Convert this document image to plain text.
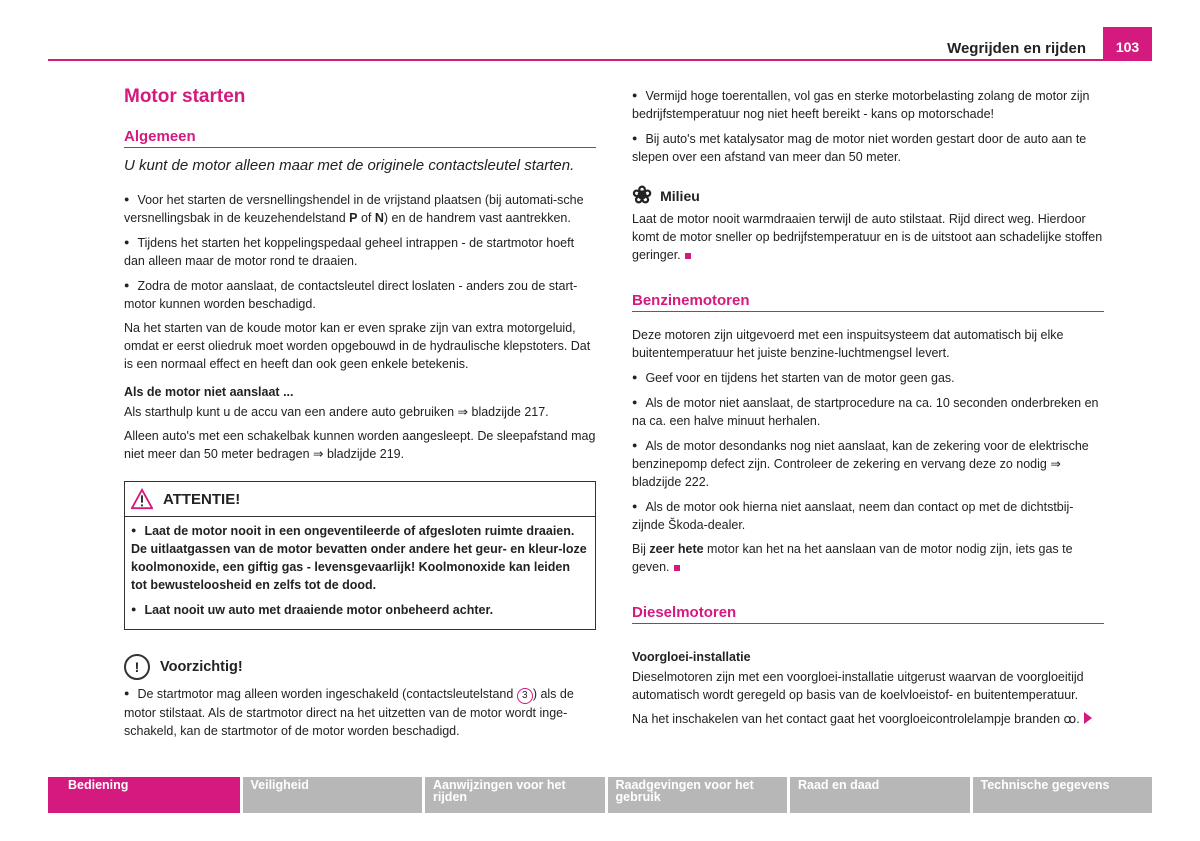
103
Wegrijden en rijden
Motor starten
Algemeen
U kunt de motor alleen maar met de originele contactsleutel starten.

● Voor het starten de versnellingshendel in de vrijstand plaatsen (bij automati-sche versnellingsbak in de keuzehendelstand P of N) en de handrem vast aantrekken.

● Tijdens het starten het koppelingspedaal geheel intrappen - de startmotor hoeft dan alleen maar de motor rond te draaien.

● Zodra de motor aanslaat, de contactsleutel direct loslaten - anders zou de start-motor kunnen worden beschadigd.

Na het starten van de koude motor kan er even sprake zijn van extra motorgeluid, omdat er eerst oliedruk moet worden opgebouwd in de hydraulische klepstoters. Dat is een normaal effect en heeft dan ook geen enkele betekenis.

Als de motor niet aanslaat ...

Als starthulp kunt u de accu van een andere auto gebruiken ⇒ bladzijde 217.

Alleen auto's met een schakelbak kunnen worden aangesleept. De sleepafstand mag niet meer dan 50 meter bedragen ⇒ bladzijde 219.

ATTENTIE!

● Laat de motor nooit in een ongeventileerde of afgesloten ruimte draaien. De uitlaatgassen van de motor bevatten onder andere het geur- en kleur-loze koolmonoxide, een giftig gas - levensgevaarlijk! Koolmonoxide kan leiden tot bewusteloosheid en zelfs tot de dood.

● Laat nooit uw auto met draaiende motor onbeheerd achter.

!	Voorzichtig!

● De startmotor mag alleen worden ingeschakeld (contactsleutelstand 3 ) als de motor stilstaat. Als de startmotor direct na het uitzetten van de motor wordt inge-schakeld, kan de startmotor of de motor worden beschadigd.

● Vermijd hoge toerentallen, vol gas en sterke motorbelasting zolang de motor zijn bedrijfstemperatuur nog niet heeft bereikt - kans op motorschade!

● Bij auto's met katalysator mag de motor niet worden gestart door de auto aan te slepen over een afstand van meer dan 50 meter.

❀ Milieu

Laat de motor nooit warmdraaien terwijl de auto stilstaat. Rijd direct weg. Hierdoor komt de motor sneller op bedrijfstemperatuur en is de uitstoot aan schadelijke stoffen geringer.

Benzinemotoren

Deze motoren zijn uitgevoerd met een inspuitsysteem dat automatisch bij elke buitentemperatuur het juiste benzine-luchtmengsel levert.

● Geef voor en tijdens het starten van de motor geen gas.

● Als de motor niet aanslaat, de startprocedure na ca. 10 seconden onderbreken en na ca. een halve minuut herhalen.

● Als de motor desondanks nog niet aanslaat, kan de zekering voor de elektrische benzinepomp defect zijn. Controleer de zekering en vervang deze zo nodig ⇒ bladzijde 222.

● Als de motor ook hierna niet aanslaat, neem dan contact op met de dichtstbij-zijnde Škoda-dealer.

Bij zeer hete motor kan het na het aanslaan van de motor nodig zijn, iets gas te geven.

Dieselmotoren

Voorgloei-installatie

Dieselmotoren zijn met een voorgloei-installatie uitgerust waarvan de voorgloeitijd automatisch wordt geregeld op basis van de koelvloeistof- en buitentemperatuur.

Na het inschakelen van het contact gaat het voorgloeicontrolelampje branden ꝏ.

Bediening	Veiligheid	Aanwijzingen voor het rijden
Raadgevingen voor het gebruik
Raad en daad	Technische gegevens
